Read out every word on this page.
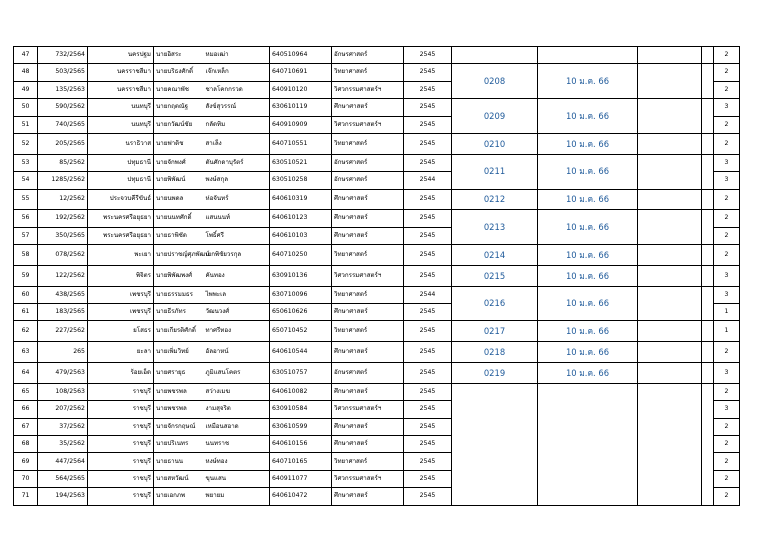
47	732/2564	นครปฐม	นายอิสระ	หมอเฒ่า	640510964	อักษรศาสตร์	2545					2
48	503/2565	นครราชสีมา	นายบริธงศักดิ์	เจ๊กเหล็ก	640710691	วิทยาศาสตร์	2545	0208	10 ม.ค. 66			2
49	135/2563	นครราชสีมา	นายคณาพัช	ชาลโคกกรวด	640910120	วิศวกรรมศาสตร์ฯ	2545					2
50	590/2562	นนทบุรี	นายกฤตณัฐ	สังข์สุวรรณ์	630610119	ศึกษาศาสตร์	2545	0209	10 ม.ค. 66			3
51	740/2565	นนทบุรี	นายกวัฒน์ชัย	กลัดทิม	640910909	วิศวกรรมศาสตร์ฯ	2545					2
52	205/2565	นราธิวาส	นายฟาดิช	สาเล็ง	640710551	วิทยาศาสตร์	2545	0210	10 ม.ค. 66			2
53	85/2562	ปทุมธานี	นายจักพงศ์	ตันศักดาบุรัตร์	630510521	อักษรศาสตร์	2545	0211	10 ม.ค. 66			3
54	1285/2562	ปทุมธานี	นายพิพัฒน์	พงษ์สกุล	630510258	อักษรศาสตร์	2544					3
55	12/2562	ประจวบคีรีขันธ์	นายนพดล	ห่อจันทร์	640610319	ศึกษาศาสตร์	2545	0212	10 ม.ค. 66			2
56	192/2562	พระนครศรีอยุธยา	นายนนทศักดิ์	แสนนนท์	640610123	ศึกษาศาสตร์	2545	0213	10 ม.ค. 66			2
57	350/2565	พระนครศรีอยุธยา	นายธาพิชัด	โพธิ์ศรี	640610103	ศึกษาศาสตร์	2545					2
58	078/2562	พะเยา	นายปราชญ์ศุภพัฒน์	เยกพิชัยวรกุล	640710250	วิทยาศาสตร์	2545	0214	10 ม.ค. 66			2
59	122/2562	พิจิตร	นายพิพัฒพงศ์	คันทอง	630910136	วิศวกรรมศาสตร์ฯ	2545	0215	10 ม.ค. 66			3
60	438/2565	เพชรบุรี	นายธรรมมธร	ไพพะเล	630710096	วิทยาศาสตร์	2544	0216	10 ม.ค. 66			3
61	183/2565	เพชรบุรี	นายธีรภัทร	วัฒนวงศ์	650610626	ศึกษาศาสตร์	2545					1
62	227/2562	ยโสธร	นายเกียรติศักดิ์	ทาศรีทอง	650710452	วิทยาศาสตร์	2545	0217	10 ม.ค. 66			1
63	265	ยะลา	นายเพิ่มวิทย์	อัลอาหน์	640610544	ศึกษาศาสตร์	2545	0218	10 ม.ค. 66			2
64	479/2563	ร้อยเอ็ด	นายศรายุธ	ภูมิแสนโคตร	630510757	อักษรศาสตร์	2545	0219	10 ม.ค. 66			3
65	108/2563	ราชบุรี	นายพชรพล	สว่างเมฆ	640610082	ศึกษาศาสตร์	2545					2
66	207/2562	ราชบุรี	นายพชรพล	งามสุจริต	630910584	วิศวกรรมศาสตร์ฯ	2545					3
67	37/2562	ราชบุรี	นายจักรกฤษณ์	เหมือนสอาด	630610599	ศึกษาศาสตร์	2545					2
68	35/2562	ราชบุรี	นายปริเนทร	นนทราช	640610156	ศึกษาศาสตร์	2545					2
69	447/2564	ราชบุรี	นายธานน	หงษ์ทอง	640710165	วิทยาศาสตร์	2545					2
70	564/2565	ราชบุรี	นายสหวัฒน์	ขุนแสน	640911077	วิศวกรรมศาสตร์ฯ	2545					2
71	194/2563	ราชบุรี	นายเอกภพ	พยายม	640610472	ศึกษาศาสตร์	2545					2
